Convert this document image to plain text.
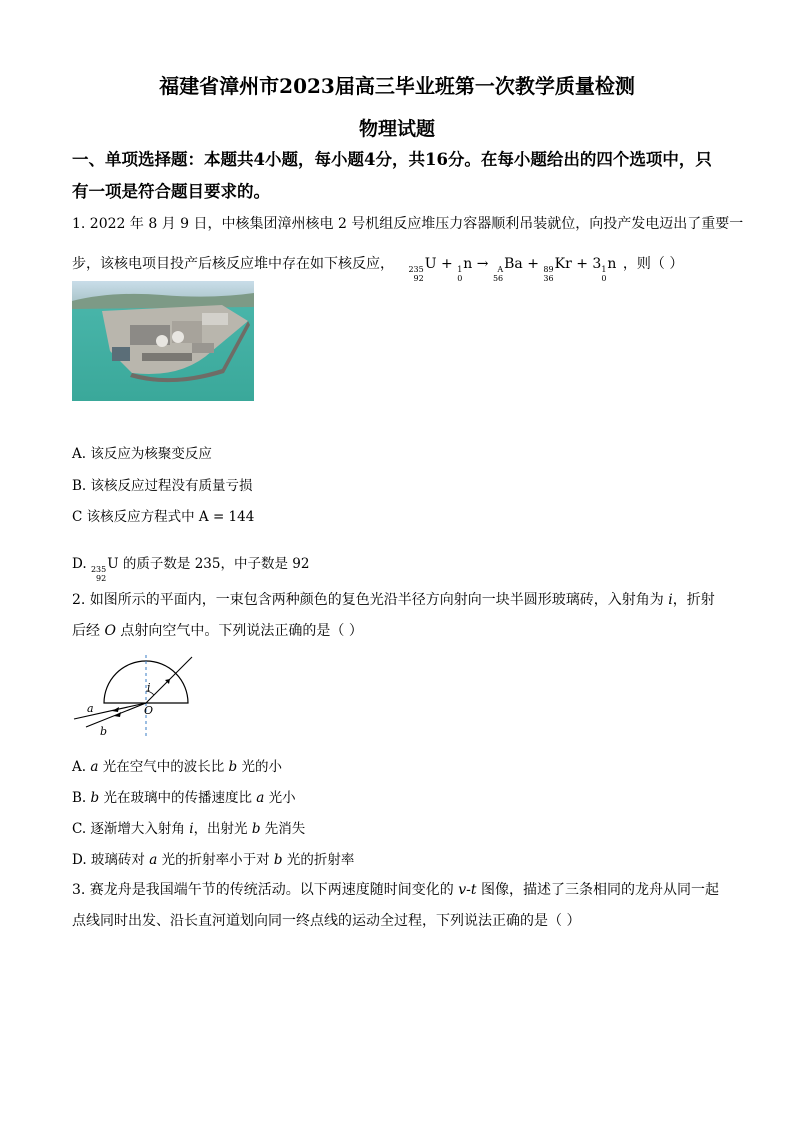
福建省漳州市2023届高三毕业班第一次教学质量检测
物理试题
一、单项选择题：本题共4小题，每小题4分，共16分。在每小题给出的四个选项中，只
有一项是符合题目要求的。
1. 2022 年 8 月 9 日，中核集团漳州核电 2 号机组反应堆压力容器顺利吊装就位，向投产发电迈出了重要一
步，该核电项目投产后核反应堆中存在如下核反应， 235
92
U + 1
0
n →	A
56
Ba + 89
36
Kr + 3 1
0
n ，则（ ）
A. 该反应为核聚变反应
B. 该核反应过程没有质量亏损
C 该核反应方程式中 A = 144
D. 235
92
U 的质子数是 235，中子数是 92
2. 如图所示的平面内，一束包含两种颜色的复色光沿半径方向射向一块半圆形玻璃砖，入射角为 i，折射
后经 O 点射向空气中。下列说法正确的是（ ）
i
O
a
b
A. a 光在空气中的波长比 b 光的小
B. b 光在玻璃中的传播速度比 a 光小
C. 逐渐增大入射角 i，出射光 b 先消失
D. 玻璃砖对 a 光的折射率小于对 b 光的折射率
3. 赛龙舟是我国端午节的传统活动。以下两速度随时间变化的 v-t 图像，描述了三条相同的龙舟从同一起
点线同时出发、沿长直河道划向同一终点线的运动全过程，下列说法正确的是（ ）
